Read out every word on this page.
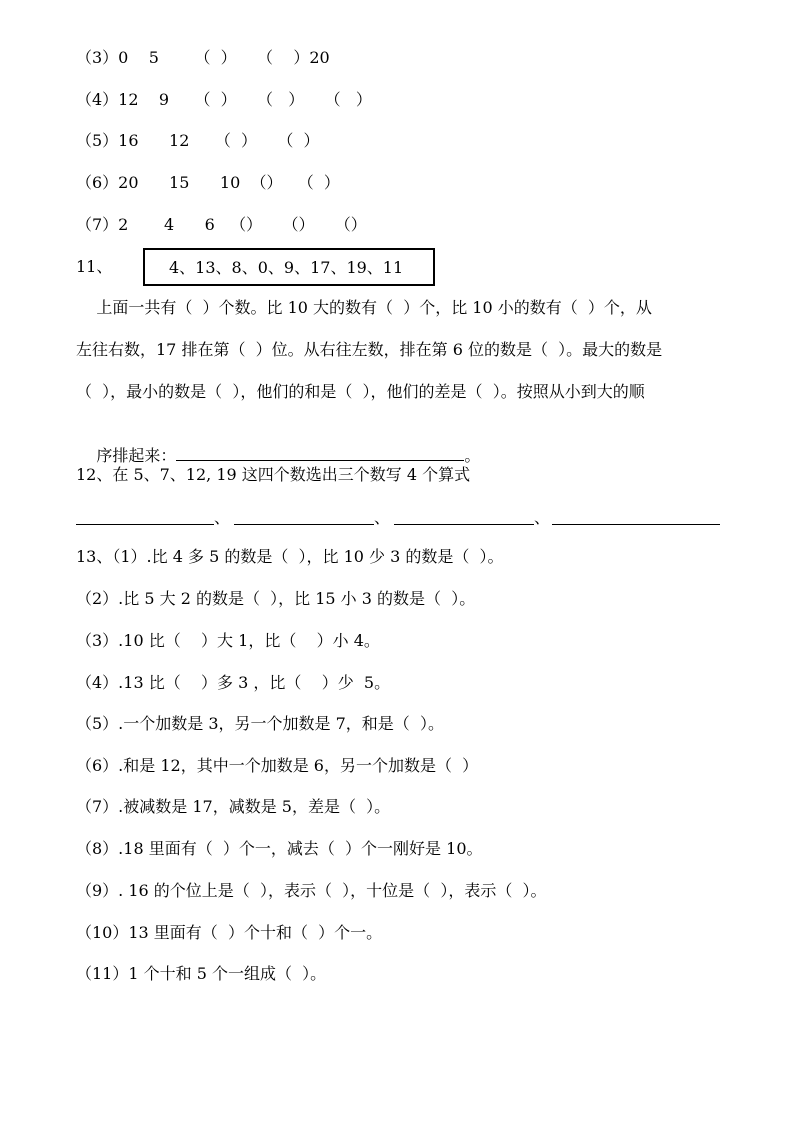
（3）0    5       （  ）    （    ）20
（4）12    9     （  ）    （   ）    （   ）
（5）16      12     （  ）    （  ）
（6）20      15      10  （）   （  ）
（7）2       4      6   （）    （）    （）
11、	4、13、8、0、9、17、19、11
上面一共有（  ）个数。比 10 大的数有（  ）个，比 10 小的数有（  ）个，从
左往右数，17 排在第（  ）位。从右往左数，排在第 6 位的数是（  ）。最大的数是
（  ），最小的数是（  ），他们的和是（  ），他们的差是（  ）。按照从小到大的顺

序排起来：	。

12、在 5、7、12, 19 这四个数选出三个数写 4 个算式
、	、	、
13、（1）.比 4 多 5 的数是（  ），比 10 少 3 的数是（  ）。
（2）.比 5 大 2 的数是（  ），比 15 小 3 的数是（  ）。
（3）.10 比（    ）大 1，比（    ）小 4。
（4）.13 比（    ）多 3 ，比（    ）少  5。
（5）.一个加数是 3，另一个加数是 7，和是（  ）。
（6）.和是 12，其中一个加数是 6，另一个加数是（  ）
（7）.被减数是 17，减数是 5，差是（  ）。
（8）.18 里面有（  ）个一，减去（  ）个一刚好是 10。
（9）. 16 的个位上是（  ），表示（  ），十位是（  ），表示（  ）。
（10）13 里面有（  ）个十和（  ）个一。
（11）1 个十和 5 个一组成（  ）。
